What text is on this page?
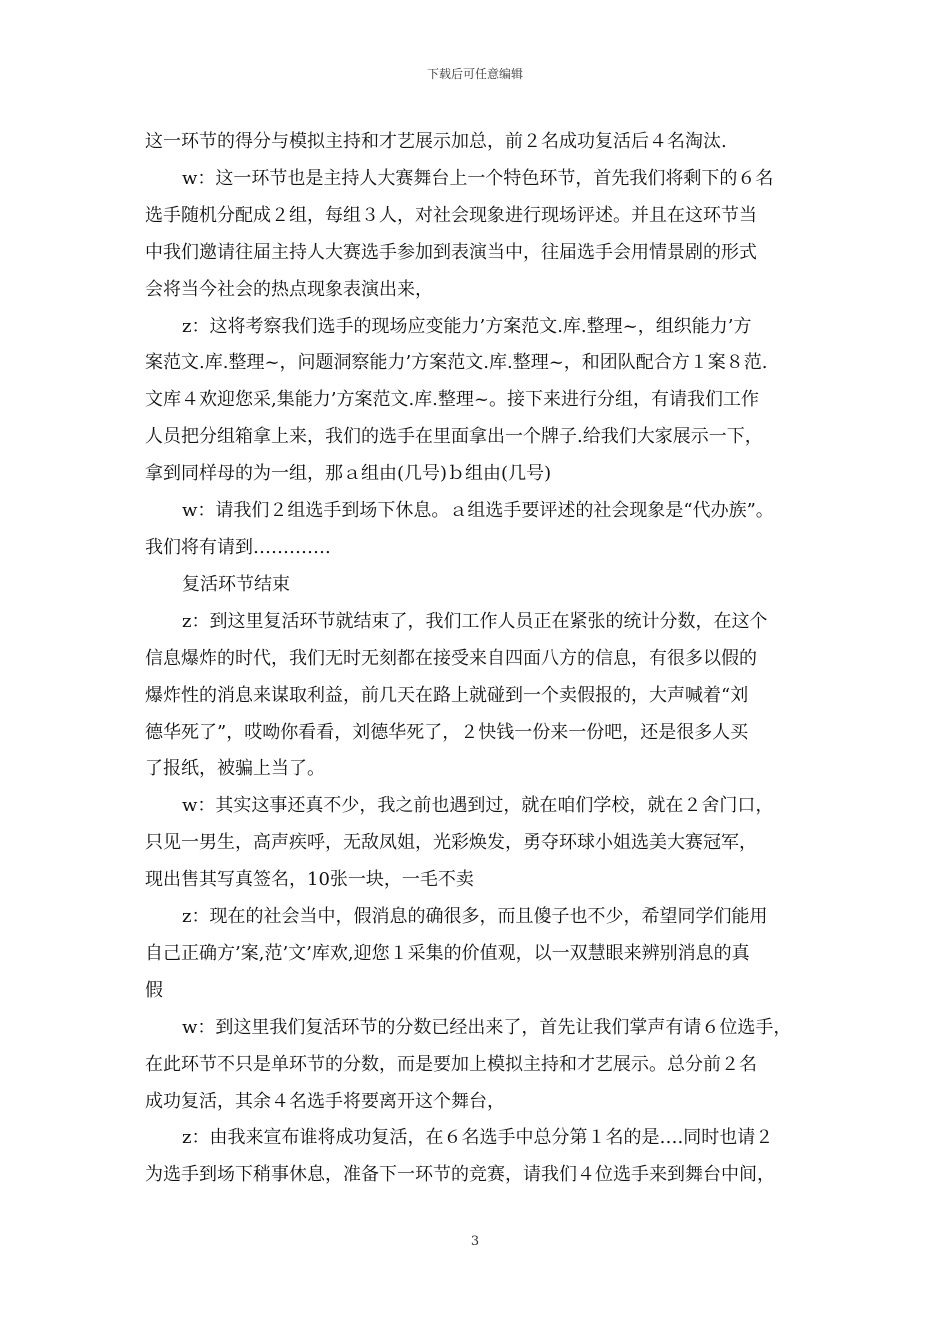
下载后可任意编辑

这一环节的得分与模拟主持和才艺展示加总，前２名成功复活后４名淘汰.

w：这一环节也是主持人大赛舞台上一个特色环节，首先我们将剩下的６名
选手随机分配成２组，每组３人，对社会现象进行现场评述。并且在这环节当
中我们邀请往届主持人大赛选手参加到表演当中，往届选手会用情景剧的形式
会将当今社会的热点现象表演出来，

z：这将考察我们选手的现场应变能力’方案范文.库.整理~，组织能力’方
案范文.库.整理~，问题洞察能力’方案范文.库.整理~，和团队配合方１案８范.
文库４欢迎您采,集能力’方案范文.库.整理~。接下来进行分组，有请我们工作
人员把分组箱拿上来，我们的选手在里面拿出一个牌子.给我们大家展示一下，
拿到同样母的为一组，那ａ组由(几号)ｂ组由(几号)

w：请我们２组选手到场下休息。ａ组选手要评述的社会现象是“代办族”。
我们将有请到………….

复活环节结束

z：到这里复活环节就结束了，我们工作人员正在紧张的统计分数，在这个
信息爆炸的时代，我们无时无刻都在接受来自四面八方的信息，有很多以假的
爆炸性的消息来谋取利益，前几天在路上就碰到一个卖假报的，大声喊着“刘
德华死了”，哎呦你看看，刘德华死了，２快钱一份来一份吧，还是很多人买
了报纸，被骗上当了。

w：其实这事还真不少，我之前也遇到过，就在咱们学校，就在２舍门口，
只见一男生，高声疾呼，无敌凤姐，光彩焕发，勇夺环球小姐选美大赛冠军，
现出售其写真签名，10张一块，一毛不卖

z：现在的社会当中，假消息的确很多，而且傻子也不少，希望同学们能用
自己正确方’案,范’文’库欢,迎您１采集的价值观，以一双慧眼来辨别消息的真
假

w：到这里我们复活环节的分数已经出来了，首先让我们掌声有请６位选手，
在此环节不只是单环节的分数，而是要加上模拟主持和才艺展示。总分前２名
成功复活，其余４名选手将要离开这个舞台，

z：由我来宣布谁将成功复活，在６名选手中总分第１名的是….同时也请２
为选手到场下稍事休息，准备下一环节的竞赛，请我们４位选手来到舞台中间，

3
